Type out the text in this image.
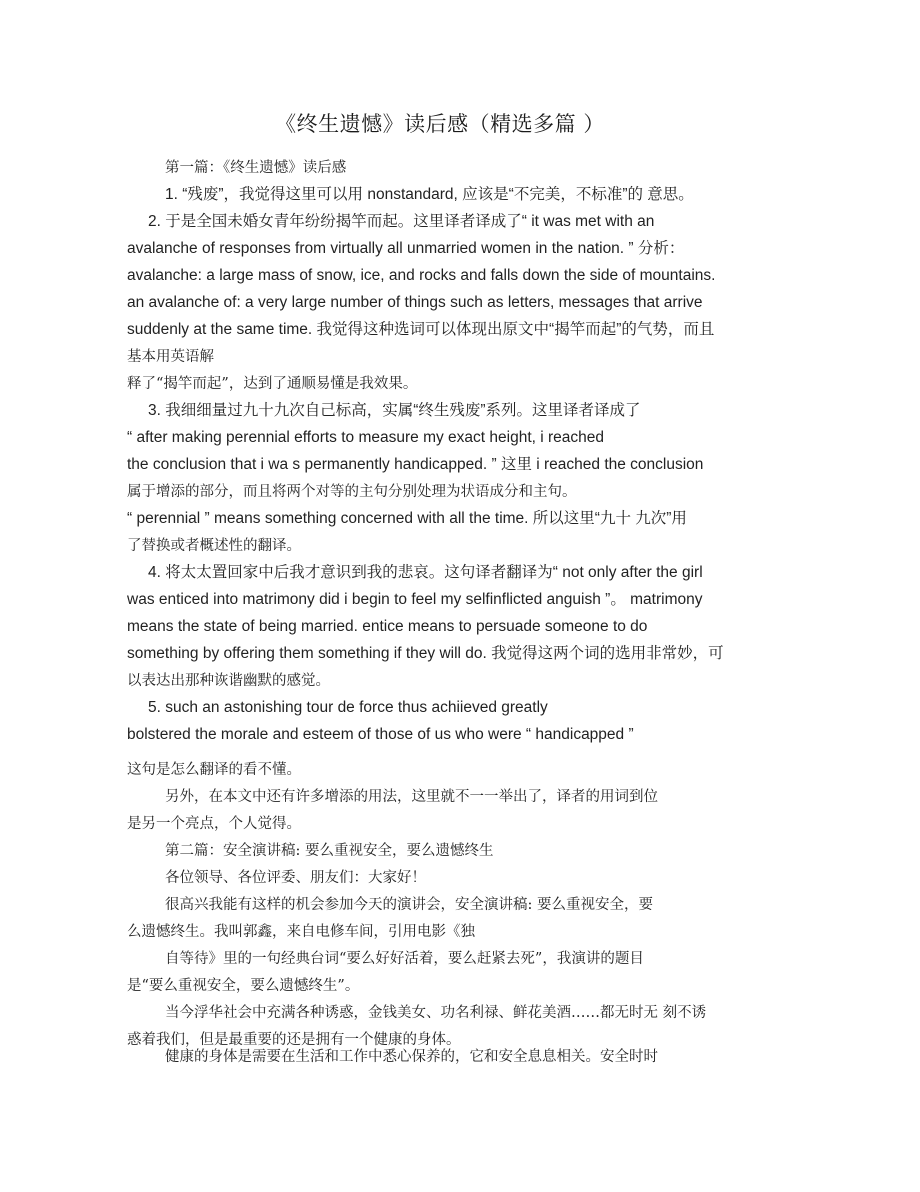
《终生遗憾》读后感（精选多篇 ）
第一篇：《终生遗憾》读后感
1. “残废”，我觉得这里可以用 nonstandard, 应该是“不完美，不标准”的 意思。
2. 于是全国未婚女青年纷纷揭竿而起。这里译者译成了“ it was met with an
avalanche of responses from virtually all unmarried women in the nation. ” 分析：
avalanche: a large mass of snow, ice, and rocks and falls down the side of mountains.
an avalanche of: a very large number of things such as letters, messages that arrive
suddenly at the same time. 我觉得这种选词可以体现出原文中“揭竿而起”的气势，而且
基本用英语解
释了“揭竿而起”，达到了通顺易懂是我效果。
3. 我细细量过九十九次自己标高，实属“终生残废”系列。这里译者译成了
“ after making perennial efforts to measure my exact height, i reached
the conclusion that i wa s permanently handicapped. ” 这里 i reached the conclusion
属于增添的部分，而且将两个对等的主句分别处理为状语成分和主句。
“ perennial ” means something concerned with all the time. 所以这里“九十 九次”用
了替换或者概述性的翻译。
4. 将太太置回家中后我才意识到我的悲哀。这句译者翻译为“ not only after the girl
was enticed into matrimony did i begin to feel my selfinflicted anguish ”。 matrimony
means the state of being married. entice means to persuade someone to do
something by offering them something if they will do. 我觉得这两个词的选用非常妙，可
以表达出那种诙谐幽默的感觉。
5. such an astonishing tour de force thus achiieved greatly
bolstered the morale and esteem of those of us who were “ handicapped ”
这句是怎么翻译的看不懂。
另外，在本文中还有许多增添的用法，这里就不一一举出了，译者的用词到位
是另一个亮点，个人觉得。
第二篇：安全演讲稿: 要么重视安全，要么遗憾终生
各位领导、各位评委、朋友们：大家好！
很高兴我能有这样的机会参加今天的演讲会，安全演讲稿: 要么重视安全，要
么遗憾终生。我叫郭鑫，来自电修车间，引用电影《独
自等待》里的一句经典台词“要么好好活着，要么赶紧去死”，我演讲的题目
是“要么重视安全，要么遗憾终生”。
当今浮华社会中充满各种诱惑，金钱美女、功名利禄、鲜花美酒……都无时无 刻不诱
惑着我们，但是最重要的还是拥有一个健康的身体。
健康的身体是需要在生活和工作中悉心保养的，它和安全息息相关。安全时时
